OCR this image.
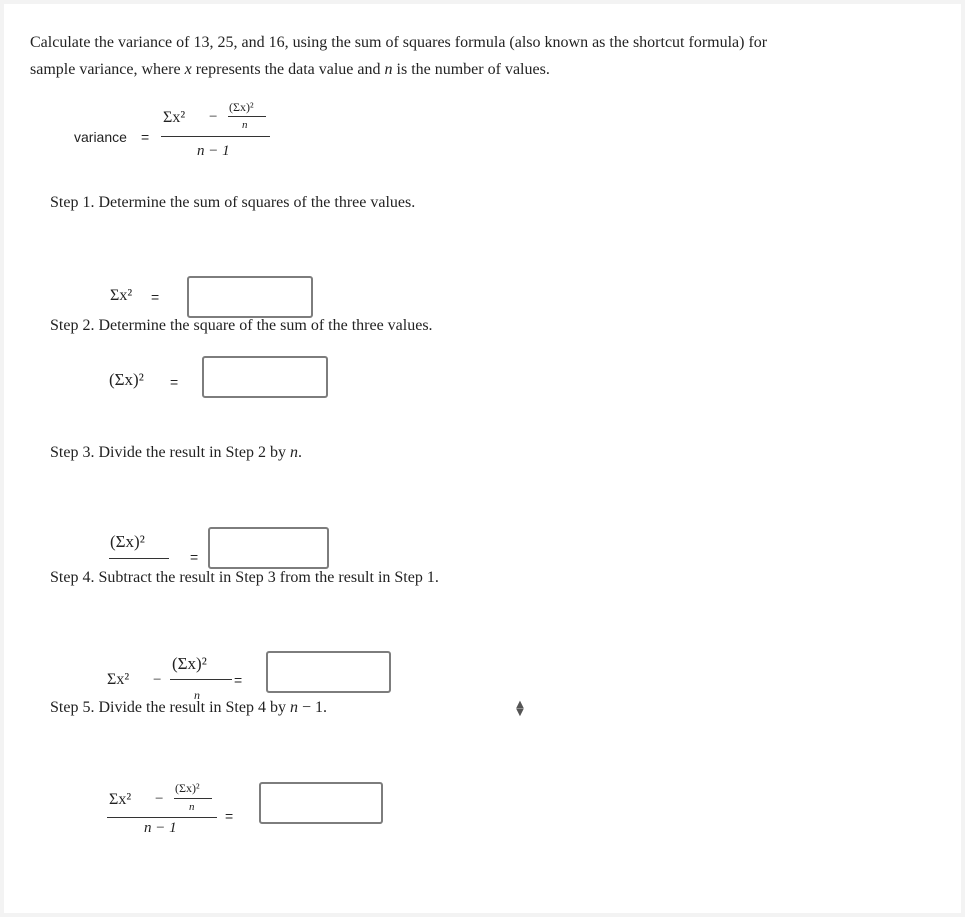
Calculate the variance of 13, 25, and 16, using the sum of squares formula (also known as the shortcut formula) for
sample variance, where x represents the data value and n is the number of values.
variance =
Σx² −
(Σx)²
n
n − 1
Step 1. Determine the sum of squares of the three values.
Σx² =
Step 2. Determine the square of the sum of the three values.
(Σx)² =
Step 3. Divide the result in Step 2 by n.
(Σx)²
=
Step 4. Subtract the result in Step 3 from the result in Step 1.
Σx² −
(Σx)²
n
=
Step 5. Divide the result in Step 4 by n − 1.
Σx² −
(Σx)²
n
n − 1
=
▲
▼
